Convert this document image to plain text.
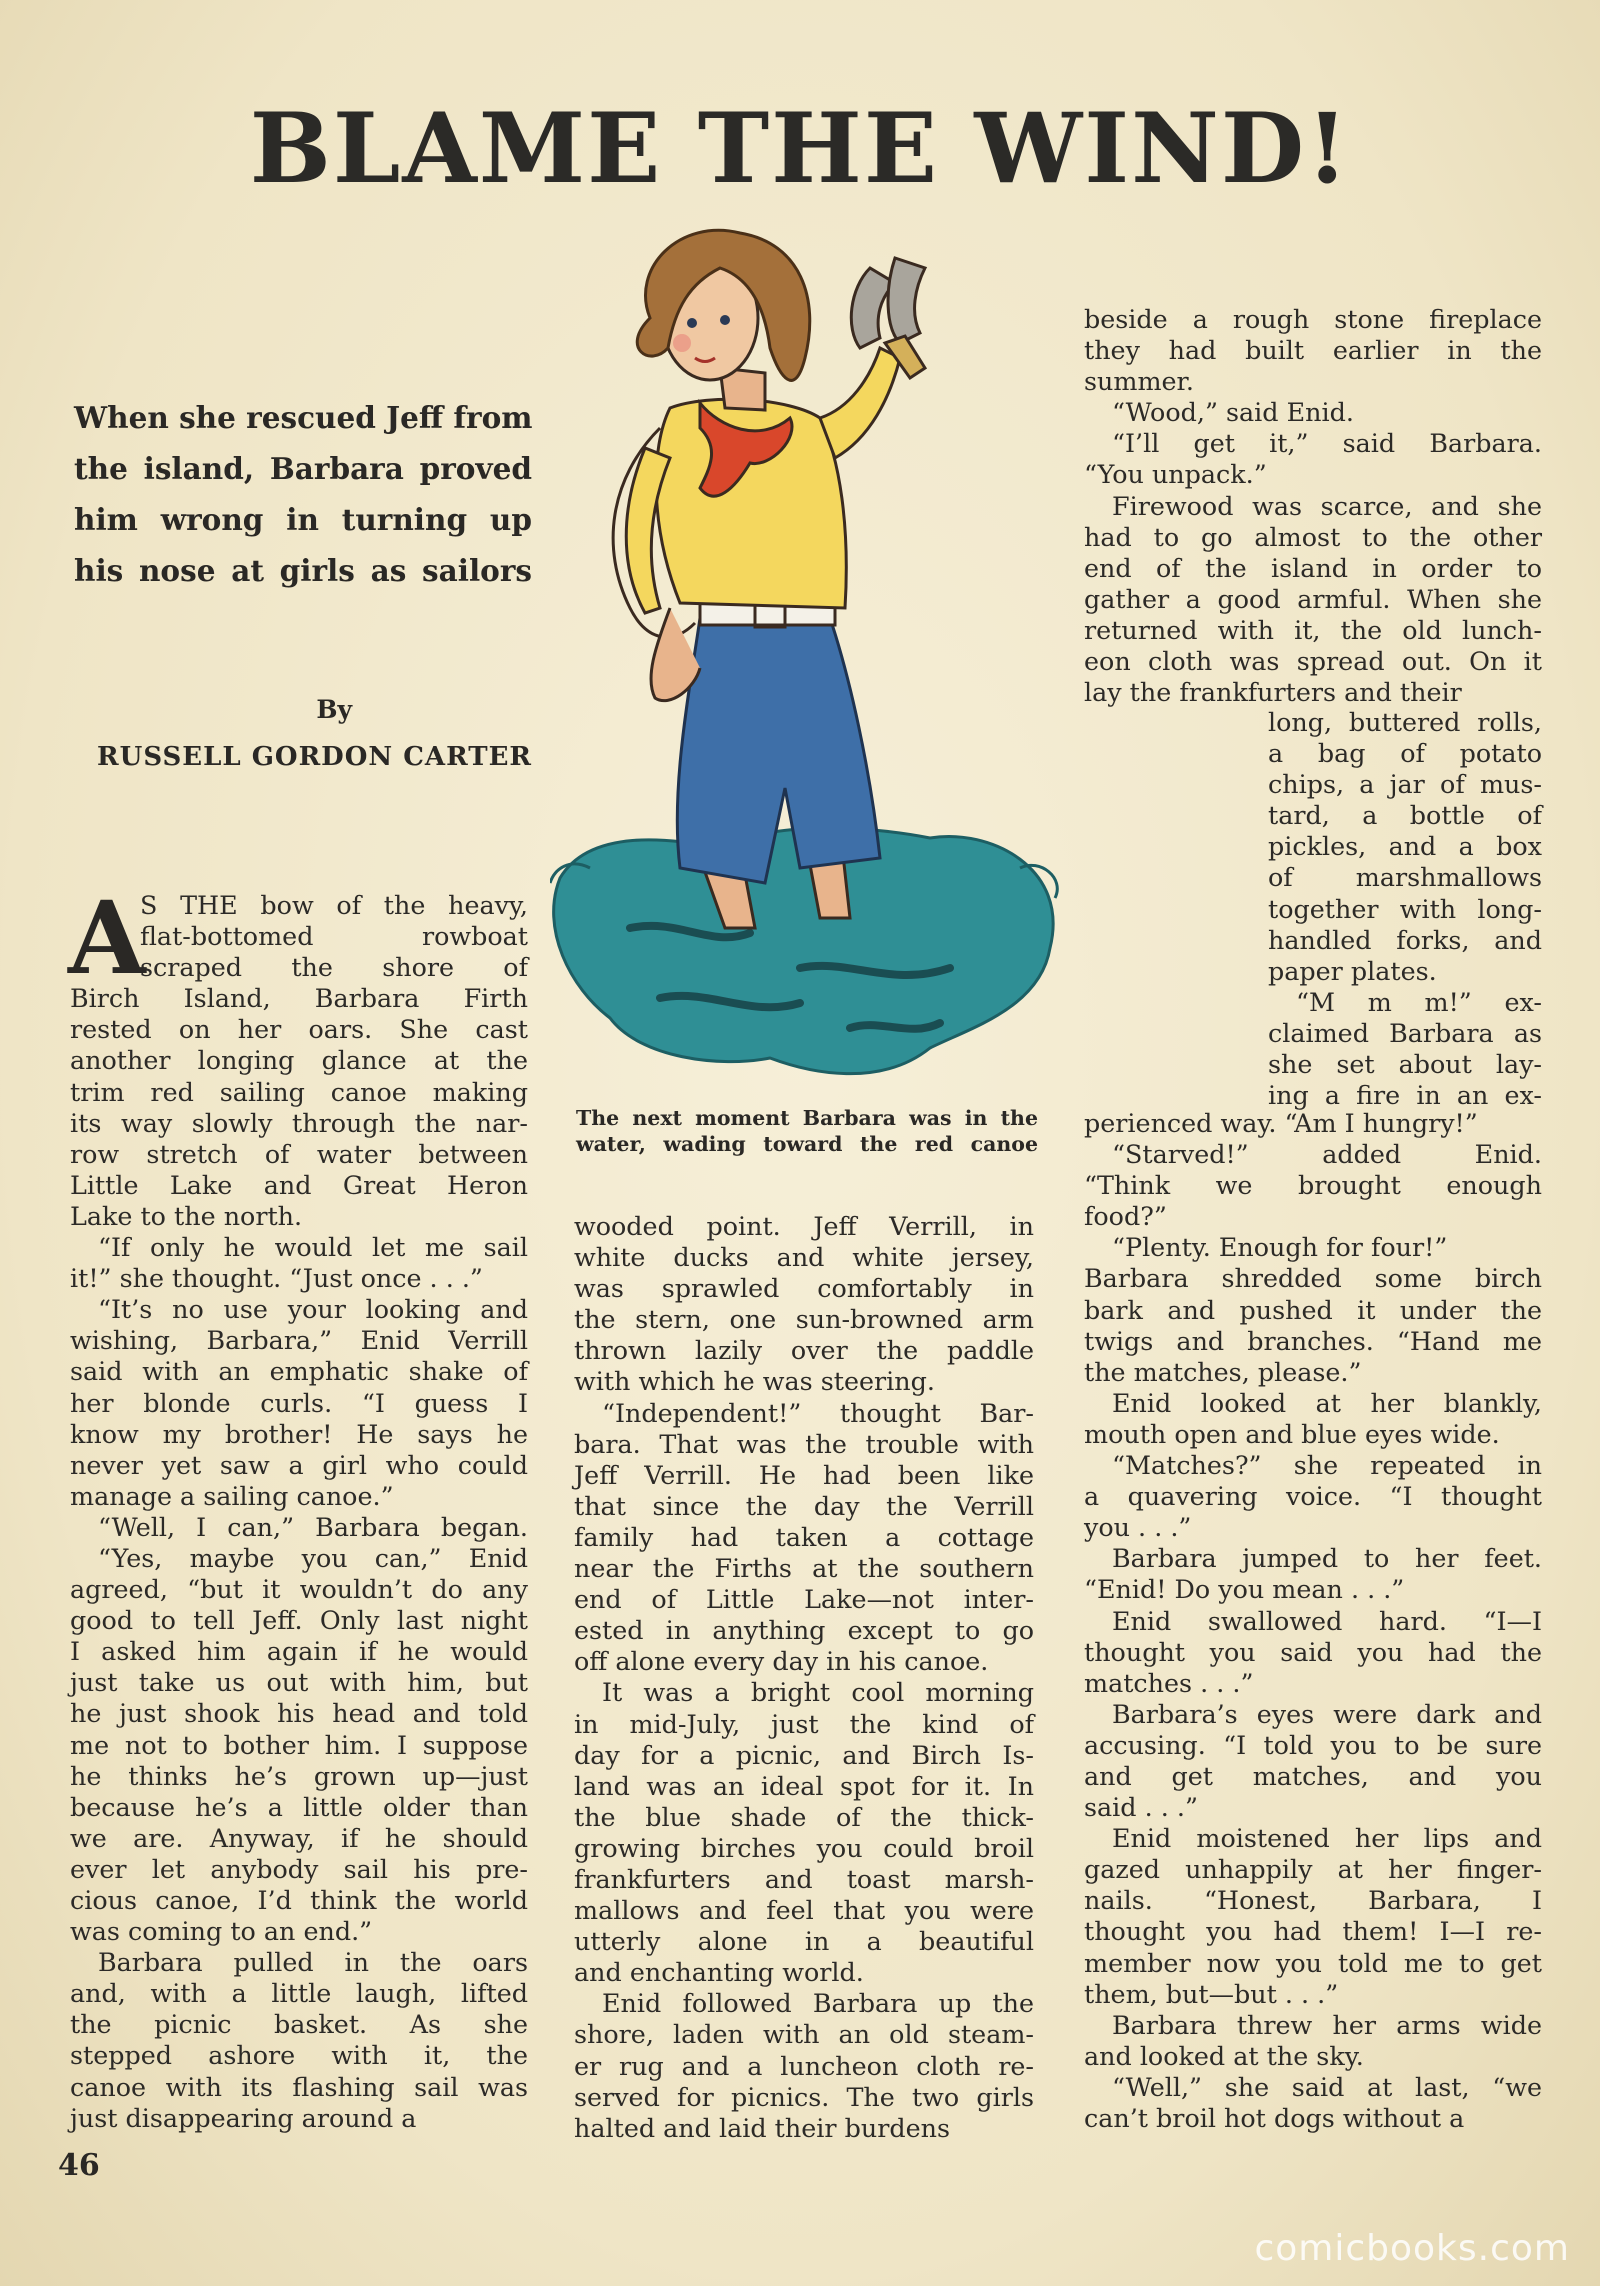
BLAME THE WIND!
When she rescued Jeff from
the island, Barbara proved
him wrong in turning up
his nose at girls as sailors
By
RUSSELL GORDON CARTER
A
S THE bow of the heavy,
flat-bottomed rowboat
scraped the shore of
Birch Island, Barbara Firth
rested on her oars. She cast
another longing glance at the
trim red sailing canoe making
its way slowly through the nar-
row stretch of water between
Little Lake and Great Heron
Lake to the north.
“If only he would let me sail
it!” she thought. “Just once . . .”
“It’s no use your looking and
wishing, Barbara,” Enid Verrill
said with an emphatic shake of
her blonde curls. “I guess I
know my brother! He says he
never yet saw a girl who could
manage a sailing canoe.”
“Well, I can,” Barbara began.
“Yes, maybe you can,” Enid
agreed, “but it wouldn’t do any
good to tell Jeff. Only last night
I asked him again if he would
just take us out with him, but
he just shook his head and told
me not to bother him. I suppose
he thinks he’s grown up—just
because he’s a little older than
we are. Anyway, if he should
ever let anybody sail his pre-
cious canoe, I’d think the world
was coming to an end.”
Barbara pulled in the oars
and, with a little laugh, lifted
the picnic basket. As she
stepped ashore with it, the
canoe with its flashing sail was
just disappearing around a
wooded point. Jeff Verrill, in
white ducks and white jersey,
was sprawled comfortably in
the stern, one sun-browned arm
thrown lazily over the paddle
with which he was steering.
“Independent!” thought Bar-
bara. That was the trouble with
Jeff Verrill. He had been like
that since the day the Verrill
family had taken a cottage
near the Firths at the southern
end of Little Lake—not inter-
ested in anything except to go
off alone every day in his canoe.
It was a bright cool morning
in mid-July, just the kind of
day for a picnic, and Birch Is-
land was an ideal spot for it. In
the blue shade of the thick-
growing birches you could broil
frankfurters and toast marsh-
mallows and feel that you were
utterly alone in a beautiful
and enchanting world.
Enid followed Barbara up the
shore, laden with an old steam-
er rug and a luncheon cloth re-
served for picnics. The two girls
halted and laid their burdens
beside a rough stone fireplace
they had built earlier in the
summer.
“Wood,” said Enid.
“I’ll get it,” said Barbara.
“You unpack.”
Firewood was scarce, and she
had to go almost to the other
end of the island in order to
gather a good armful. When she
returned with it, the old lunch-
eon cloth was spread out. On it
lay the frankfurters and their
long, buttered rolls,
a bag of potato
chips, a jar of mus-
tard, a bottle of
pickles, and a box
of marshmallows
together with long-
handled forks, and
paper plates.
“M m m!” ex-
claimed Barbara as
she set about lay-
ing a fire in an ex-
perienced way. “Am I hungry!”
“Starved!” added Enid.
“Think we brought enough
food?”
“Plenty. Enough for four!”
Barbara shredded some birch
bark and pushed it under the
twigs and branches. “Hand me
the matches, please.”
Enid looked at her blankly,
mouth open and blue eyes wide.
“Matches?” she repeated in
a quavering voice. “I thought
you . . .”
Barbara jumped to her feet.
“Enid! Do you mean . . .”
Enid swallowed hard. “I—I
thought you said you had the
matches . . .”
Barbara’s eyes were dark and
accusing. “I told you to be sure
and get matches, and you
said . . .”
Enid moistened her lips and
gazed unhappily at her finger-
nails. “Honest, Barbara, I
thought you had them! I—I re-
member now you told me to get
them, but—but . . .”
Barbara threw her arms wide
and looked at the sky.
“Well,” she said at last, “we
can’t broil hot dogs without a
The next moment Barbara was in the
water, wading toward the red canoe
46
comicbooks.com
